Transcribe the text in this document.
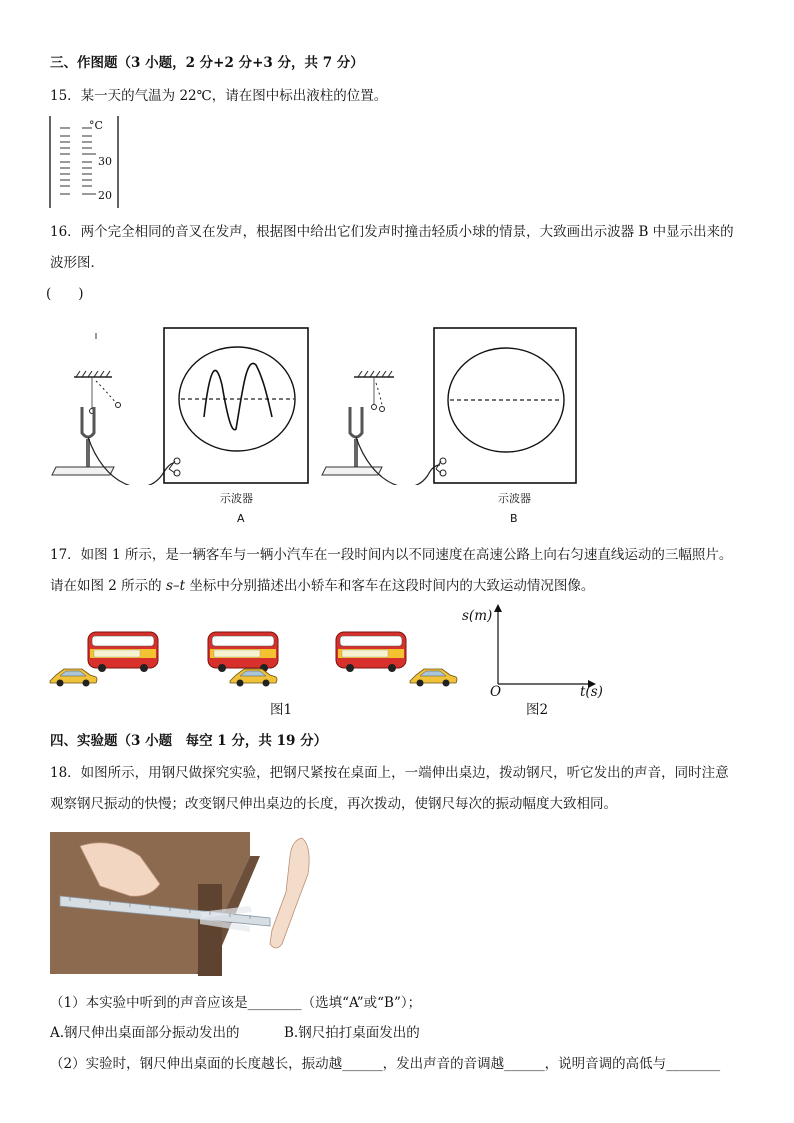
三、作图题（3 小题，2 分+2 分+3 分，共 7 分）
15．某一天的气温为 22℃，请在图中标出液柱的位置。
°C
30
20
16．两个完全相同的音叉在发声，根据图中给出它们发声时撞击轻质小球的情景，大致画出示波器 B 中显示出来的
波形图．
(　　)
示波器
A
示波器
B
17．如图 1 所示，是一辆客车与一辆小汽车在一段时间内以不同速度在高速公路上向右匀速直线运动的三幅照片。
请在如图 2 所示的 s–t 坐标中分别描述出小轿车和客车在这段时间内的大致运动情况图像。
图1
s(m)
O	t(s)
图2
四、实验题（3 小题　每空 1 分，共 19 分）
18．如图所示，用钢尺做探究实验，把钢尺紧按在桌面上，一端伸出桌边，拨动钢尺，听它发出的声音，同时注意
观察钢尺振动的快慢；改变钢尺伸出桌边的长度，再次拨动，使钢尺每次的振动幅度大致相同。
（1）本实验中听到的声音应该是________（选填“A”或“B”）；
A.钢尺伸出桌面部分振动发出的	B.钢尺拍打桌面发出的
（2）实验时，钢尺伸出桌面的长度越长，振动越______，发出声音的音调越______，说明音调的高低与________
